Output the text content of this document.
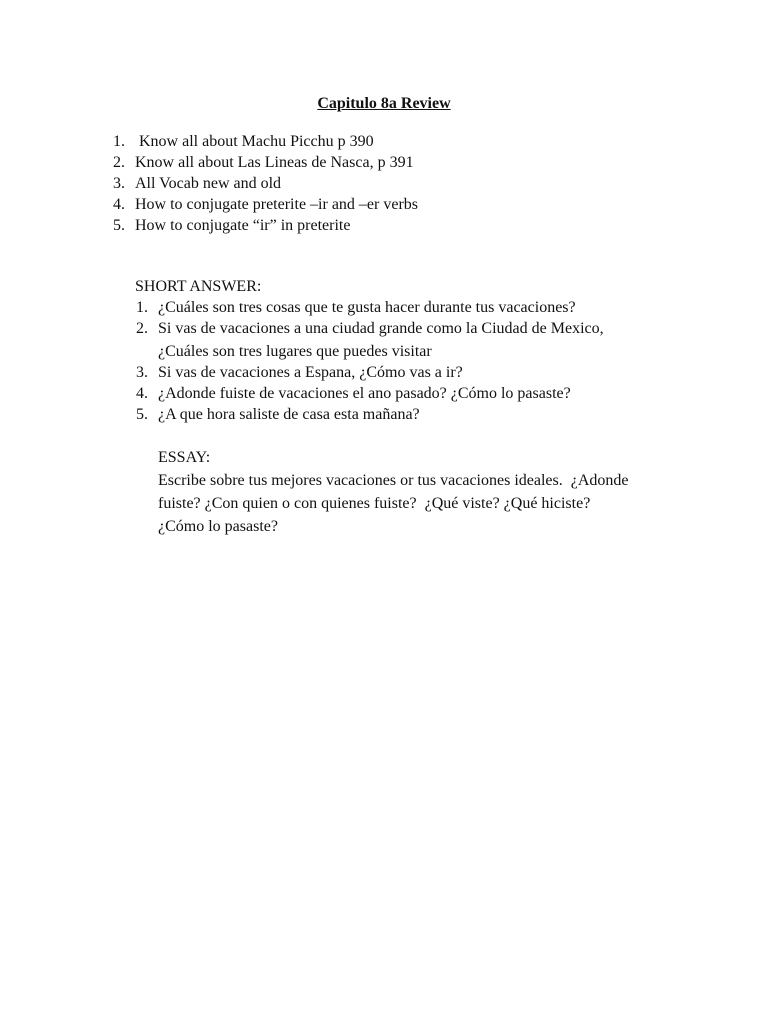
Capitulo 8a Review
1. Know all about Machu Picchu p 390
2. Know all about Las Lineas de Nasca, p 391
3. All Vocab new and old
4. How to conjugate preterite –ir and –er verbs
5. How to conjugate “ir” in preterite
SHORT ANSWER:
1. ¿Cuáles son tres cosas que te gusta hacer durante tus vacaciones?
2. Si vas de vacaciones a una ciudad grande como la Ciudad de Mexico,
¿Cuáles son tres lugares que puedes visitar
3. Si vas de vacaciones a Espana, ¿Cómo vas a ir?
4. ¿Adonde fuiste de vacaciones el ano pasado? ¿Cómo lo pasaste?
5. ¿A que hora saliste de casa esta mañana?
ESSAY:
Escribe sobre tus mejores vacaciones or tus vacaciones ideales.  ¿Adonde
fuiste? ¿Con quien o con quienes fuiste?  ¿Qué viste? ¿Qué hiciste?
¿Cómo lo pasaste?
